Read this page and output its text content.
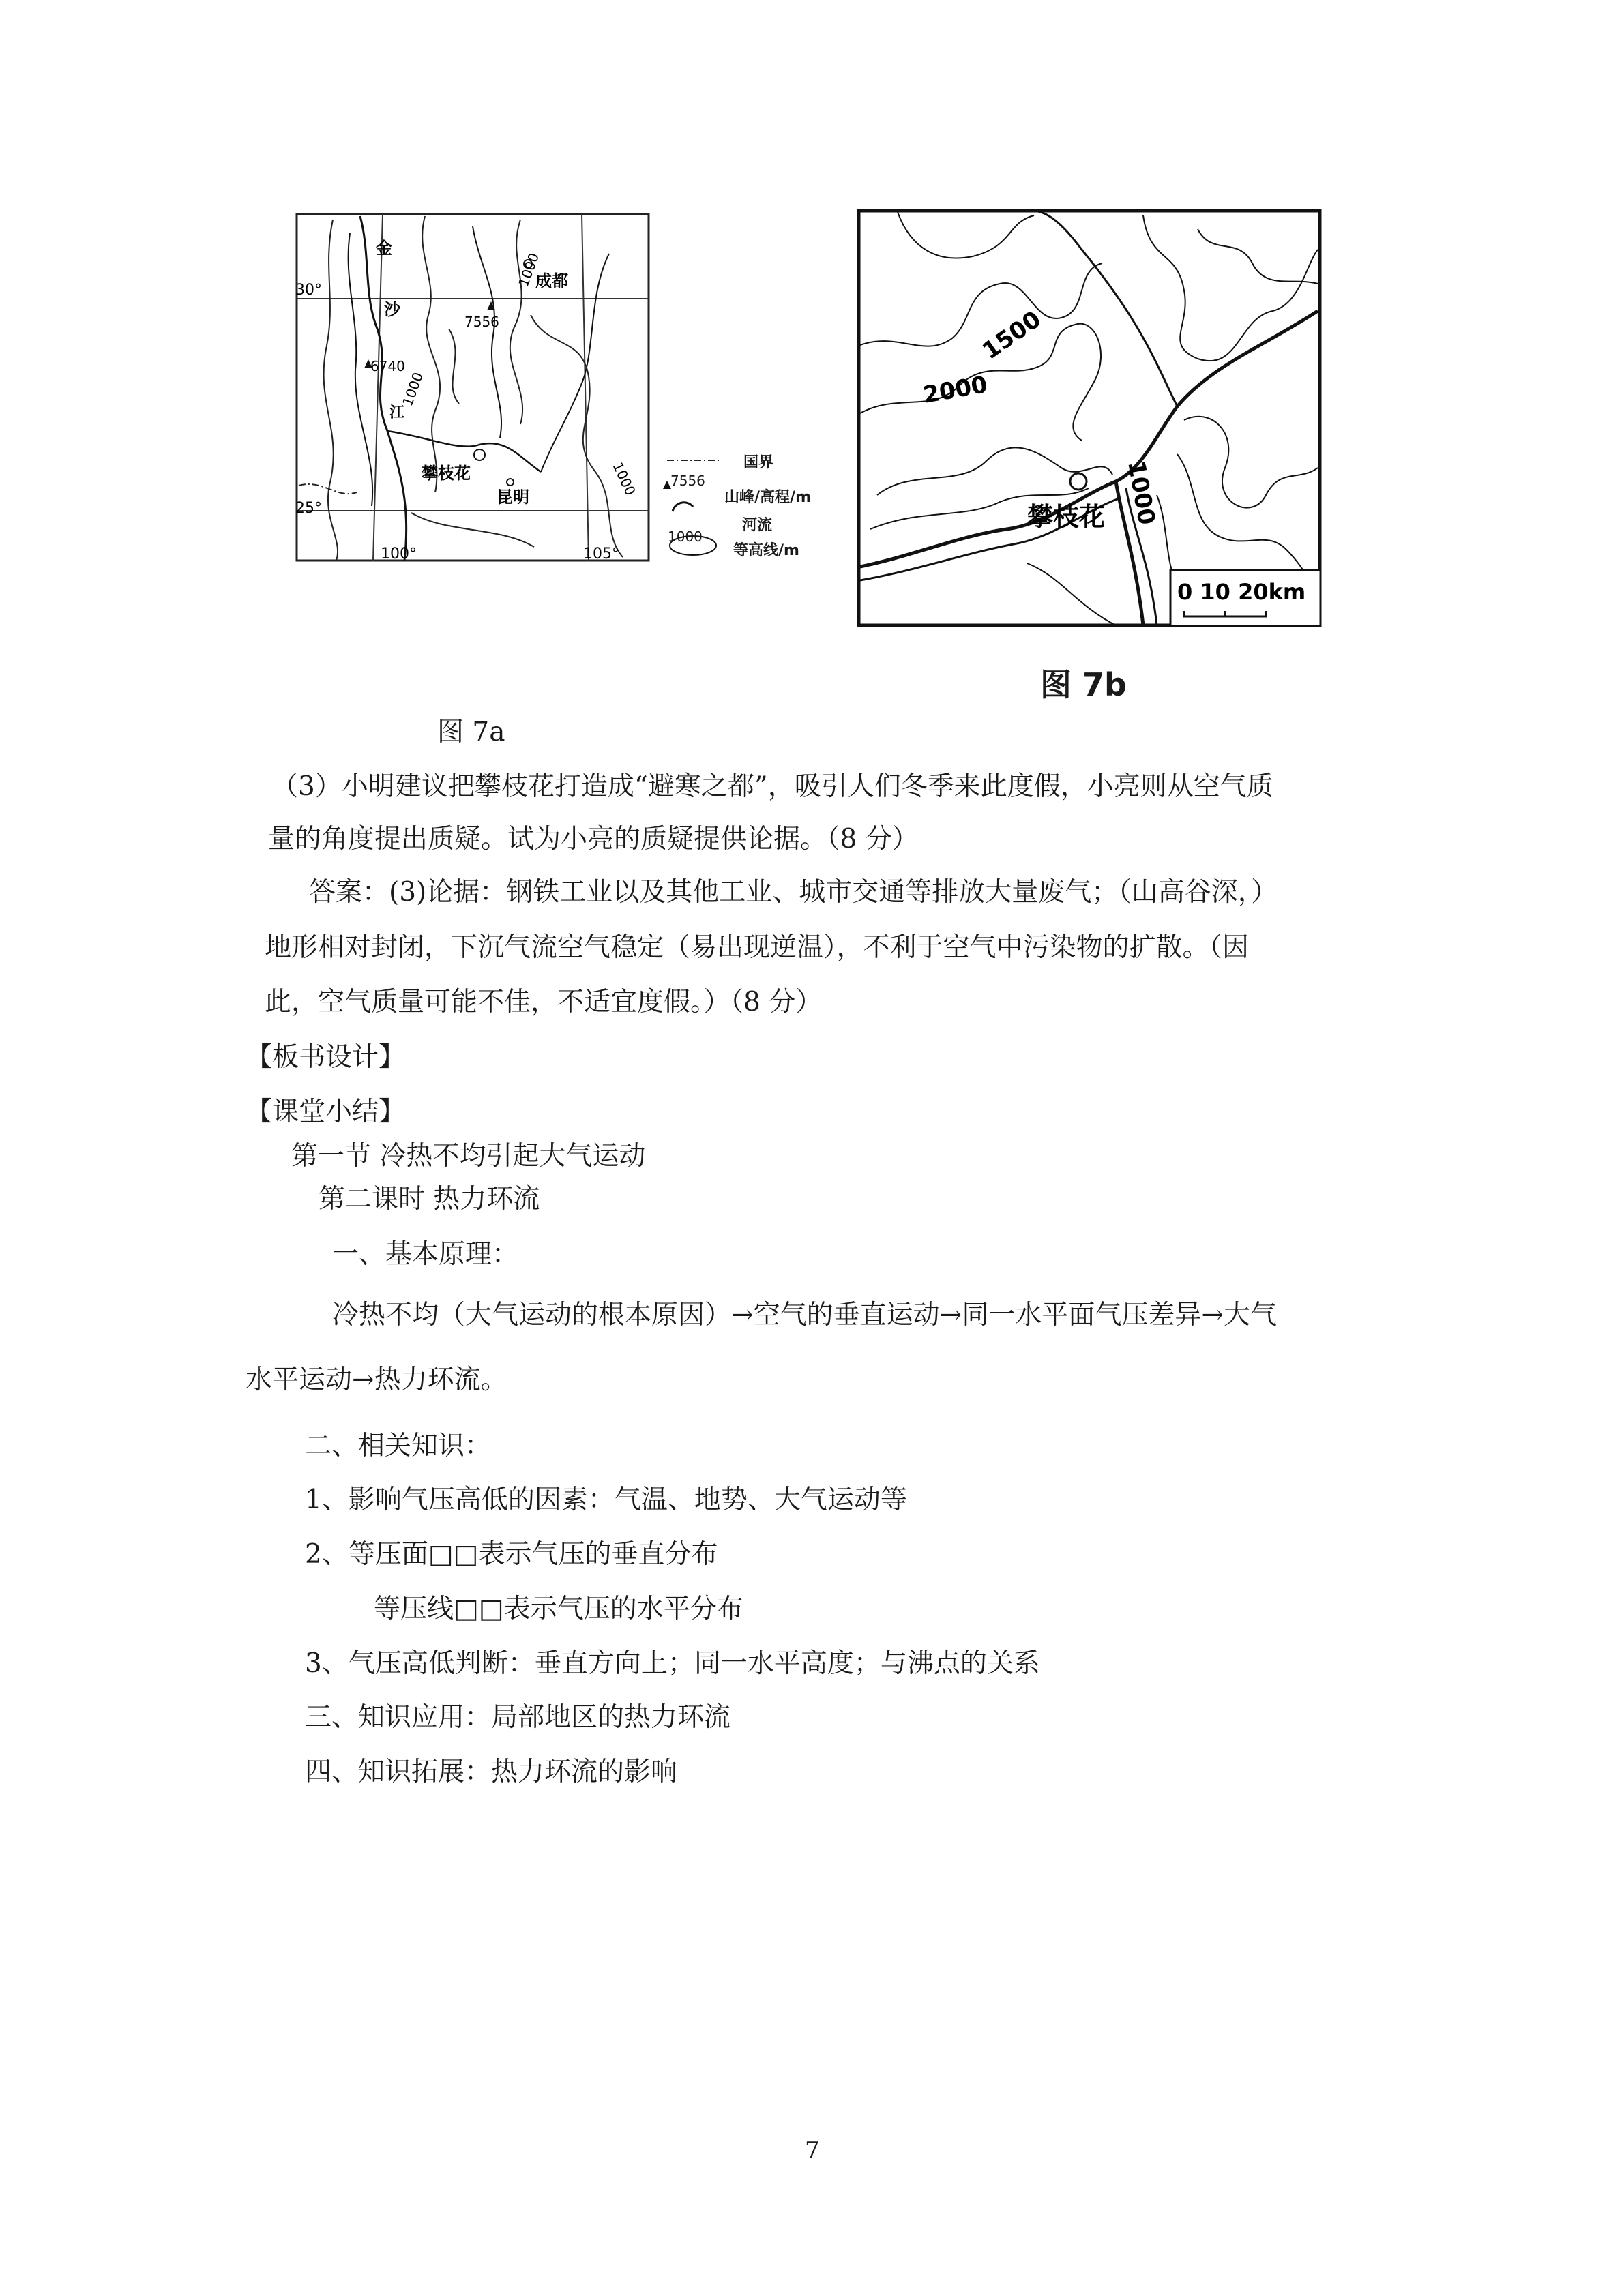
金
沙
江
成都
攀枝花
昆明
7556
6740
1000
1000
1000
30°
25°
100°	105°
7556
1000
国界
山峰/高程/m
河流
等高线/m
图 7a
1500
2000
1000
攀枝花
0 10 20km
图 7b
（3）小明建议把攀枝花打造成“避寒之都”，吸引人们冬季来此度假，小亮则从空气质
量的角度提出质疑。试为小亮的质疑提供论据。（8 分）
答案：(3)论据：钢铁工业以及其他工业、城市交通等排放大量废气；（山高谷深，）
地形相对封闭，下沉气流空气稳定（易出现逆温），不利于空气中污染物的扩散。（因
此，空气质量可能不佳，不适宜度假。）（8 分）
【板书设计】
【课堂小结】
第一节 冷热不均引起大气运动
第二课时 热力环流
一、基本原理：
冷热不均（大气运动的根本原因）→空气的垂直运动→同一水平面气压差异→大气
水平运动→热力环流。
二、相关知识：
1、影响气压高低的因素：气温、地势、大气运动等
2、等压面□□表示气压的垂直分布
等压线□□表示气压的水平分布
3、气压高低判断：垂直方向上；同一水平高度；与沸点的关系
三、知识应用：局部地区的热力环流
四、知识拓展：热力环流的影响
7
